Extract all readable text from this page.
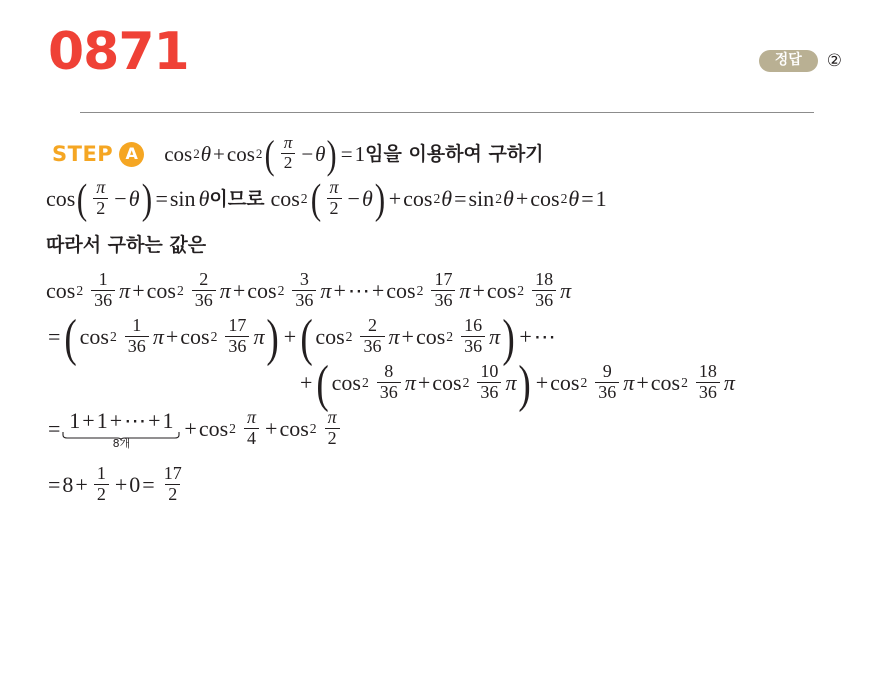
0871	정답	②
STEP A	cos 2 θ + cos 2 ( $\frac{\pi}{2} - \theta$ ) = 1 임을 이용하여 구하기
cos ( $\frac{\pi}{2} - \theta$ ) = sin θ 이므로 cos 2 ( $\frac{\pi}{2} - \theta$ ) + cos 2 θ = sin 2 θ + cos 2 θ = 1
따라서 구하는 값은
$\cos 2 \frac{1}{36}$ $\pi + \cos 2 \frac{2}{36}$ $\pi + \cos 2 \frac{3}{36}$ π + ⋯ + $\cos 2 \frac{17}{36}$ $\pi + \cos 2 \frac{18}{36}$ π
= ( $\cos 2 \frac{1}{36}$ $\pi + \cos 2 \frac{17}{36}$ π ) + ( $\cos 2 \frac{2}{36}$ $\pi + \cos 2 \frac{16}{36}$ π ) + ⋯
+ ( $\cos 2 \frac{8}{36}$ $\pi + \cos 2 \frac{10}{36}$ π ) + $\cos 2 \frac{9}{36}$ $\pi + \cos 2 \frac{18}{36}$ π
= 1+1+⋯+1
8개
+ $\cos 2 \frac{\pi}{4} + \cos 2 \frac{\pi}{2}$
= $8 + \frac{1}{2} + 0 = \frac{17}{2}$
